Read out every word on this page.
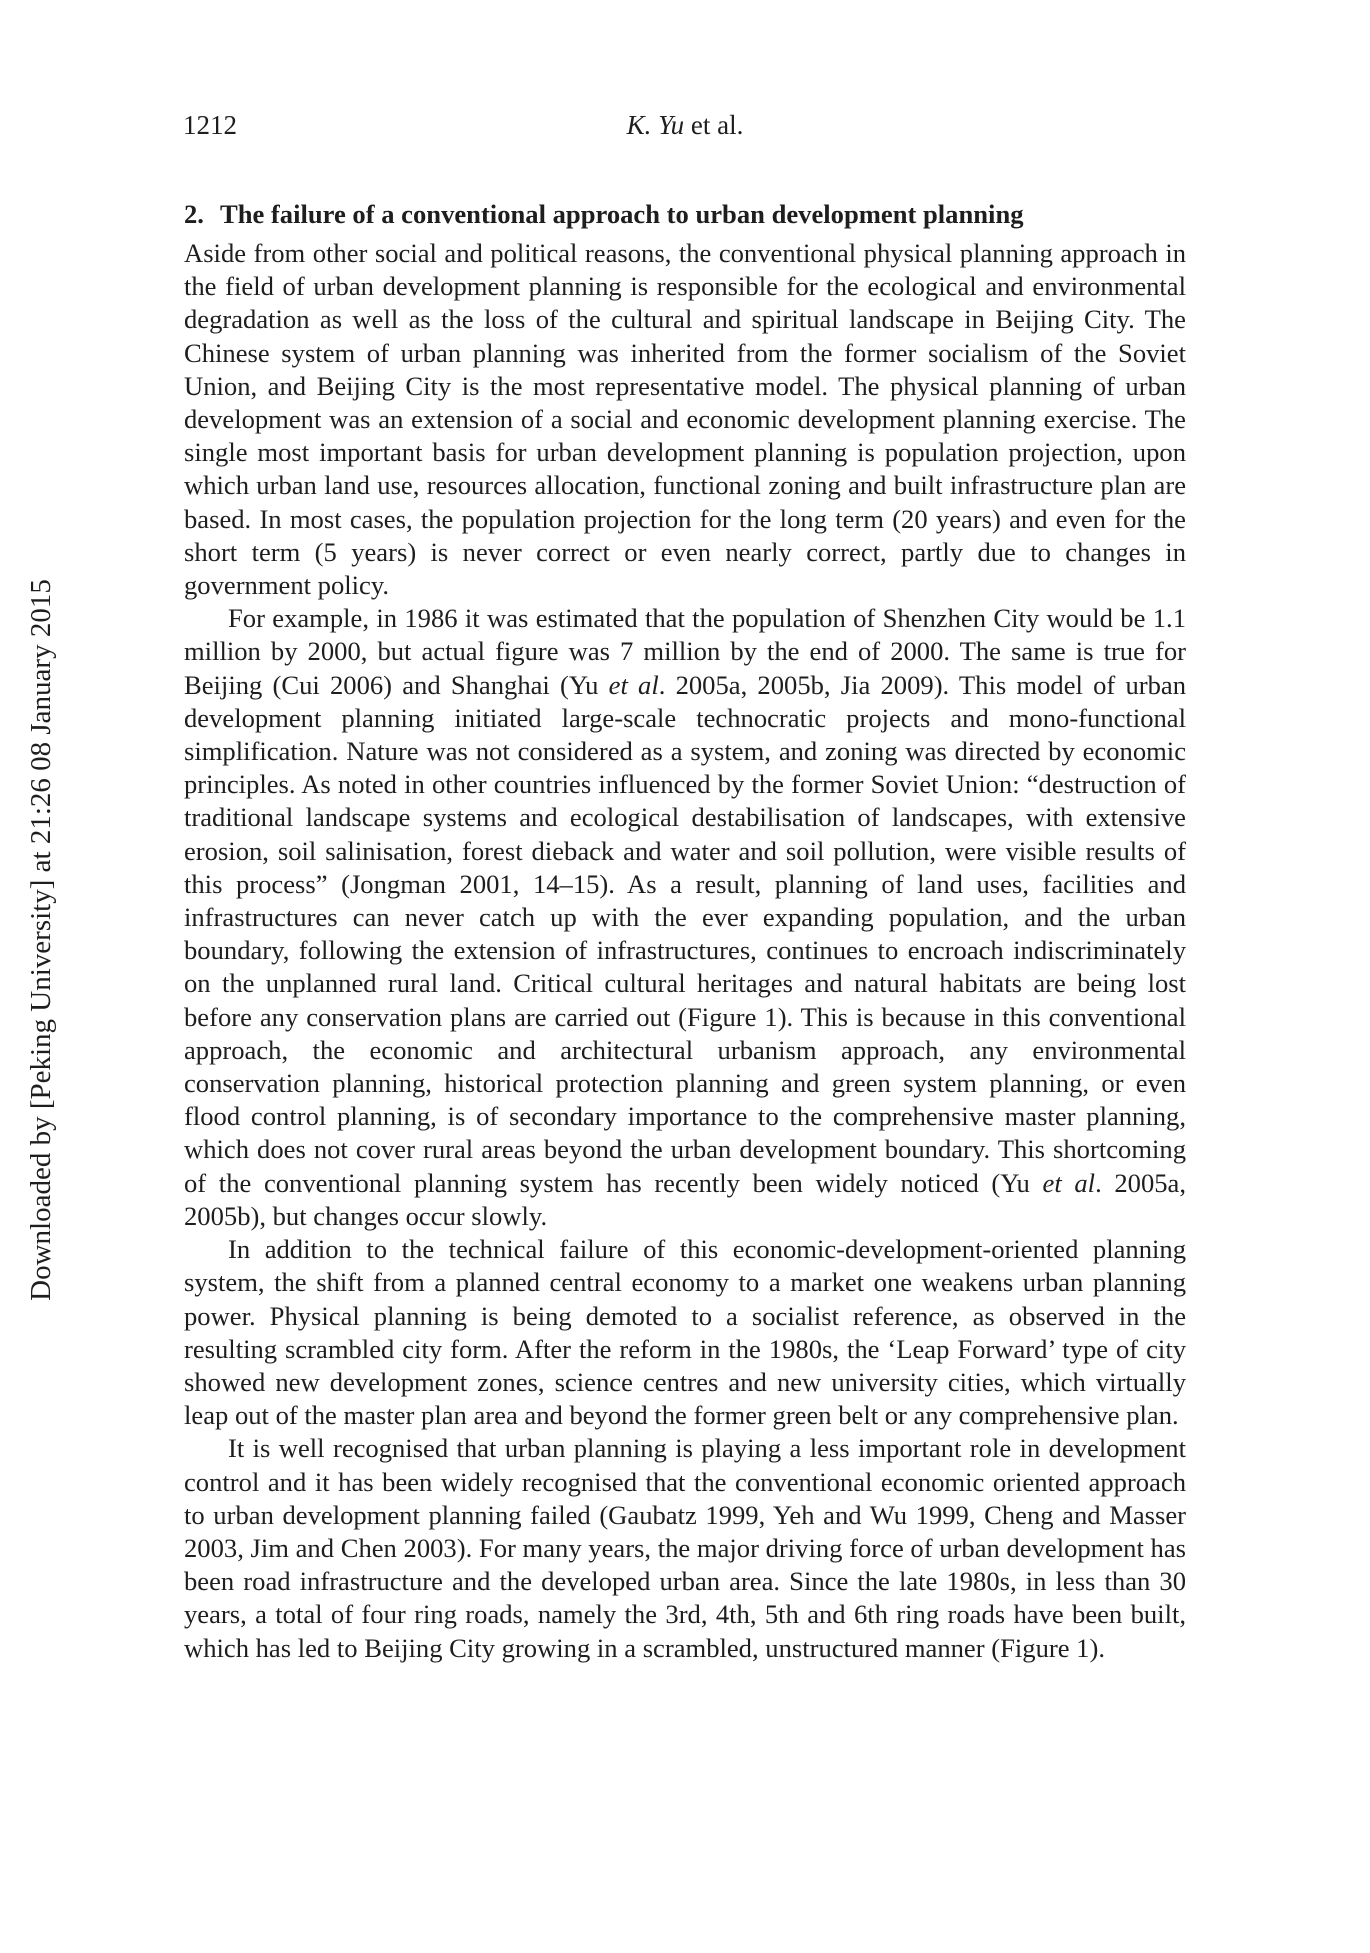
Downloaded by [Peking University] at 21:26 08 January 2015
1212	K. Yu et al.
2. The failure of a conventional approach to urban development planning

Aside from other social and political reasons, the conventional physical planning approach in the field of urban development planning is responsible for the ecological and environmental degradation as well as the loss of the cultural and spiritual landscape in Beijing City. The Chinese system of urban planning was inherited from the former socialism of the Soviet Union, and Beijing City is the most representative model. The physical planning of urban development was an extension of a social and economic development planning exercise. The single most important basis for urban development planning is population projection, upon which urban land use, resources allocation, functional zoning and built infrastructure plan are based. In most cases, the population projection for the long term (20 years) and even for the short term (5 years) is never correct or even nearly correct, partly due to changes in government policy.

For example, in 1986 it was estimated that the population of Shenzhen City would be 1.1 million by 2000, but actual figure was 7 million by the end of 2000. The same is true for Beijing (Cui 2006) and Shanghai (Yu et al. 2005a, 2005b, Jia 2009). This model of urban development planning initiated large-scale technocratic projects and mono-functional simplification. Nature was not considered as a system, and zoning was directed by economic principles. As noted in other countries influenced by the former Soviet Union: “destruction of traditional landscape systems and ecological destabilisation of landscapes, with extensive erosion, soil salinisation, forest dieback and water and soil pollution, were visible results of this process” (Jongman 2001, 14–15). As a result, planning of land uses, facilities and infrastructures can never catch up with the ever expanding population, and the urban boundary, following the extension of infrastructures, continues to encroach indiscriminately on the unplanned rural land. Critical cultural heritages and natural habitats are being lost before any conservation plans are carried out (Figure 1). This is because in this conventional approach, the economic and architectural urbanism approach, any environmental conservation planning, historical protection planning and green system planning, or even flood control planning, is of secondary importance to the comprehensive master planning, which does not cover rural areas beyond the urban development boundary. This shortcoming of the conventional planning system has recently been widely noticed (Yu et al. 2005a, 2005b), but changes occur slowly.

In addition to the technical failure of this economic-development-oriented planning system, the shift from a planned central economy to a market one weakens urban planning power. Physical planning is being demoted to a socialist reference, as observed in the resulting scrambled city form. After the reform in the 1980s, the ‘Leap Forward’ type of city showed new development zones, science centres and new university cities, which virtually leap out of the master plan area and beyond the former green belt or any comprehensive plan.

It is well recognised that urban planning is playing a less important role in development control and it has been widely recognised that the conventional economic oriented approach to urban development planning failed (Gaubatz 1999, Yeh and Wu 1999, Cheng and Masser 2003, Jim and Chen 2003). For many years, the major driving force of urban development has been road infrastructure and the developed urban area. Since the late 1980s, in less than 30 years, a total of four ring roads, namely the 3rd, 4th, 5th and 6th ring roads have been built, which has led to Beijing City growing in a scrambled, unstructured manner (Figure 1).
